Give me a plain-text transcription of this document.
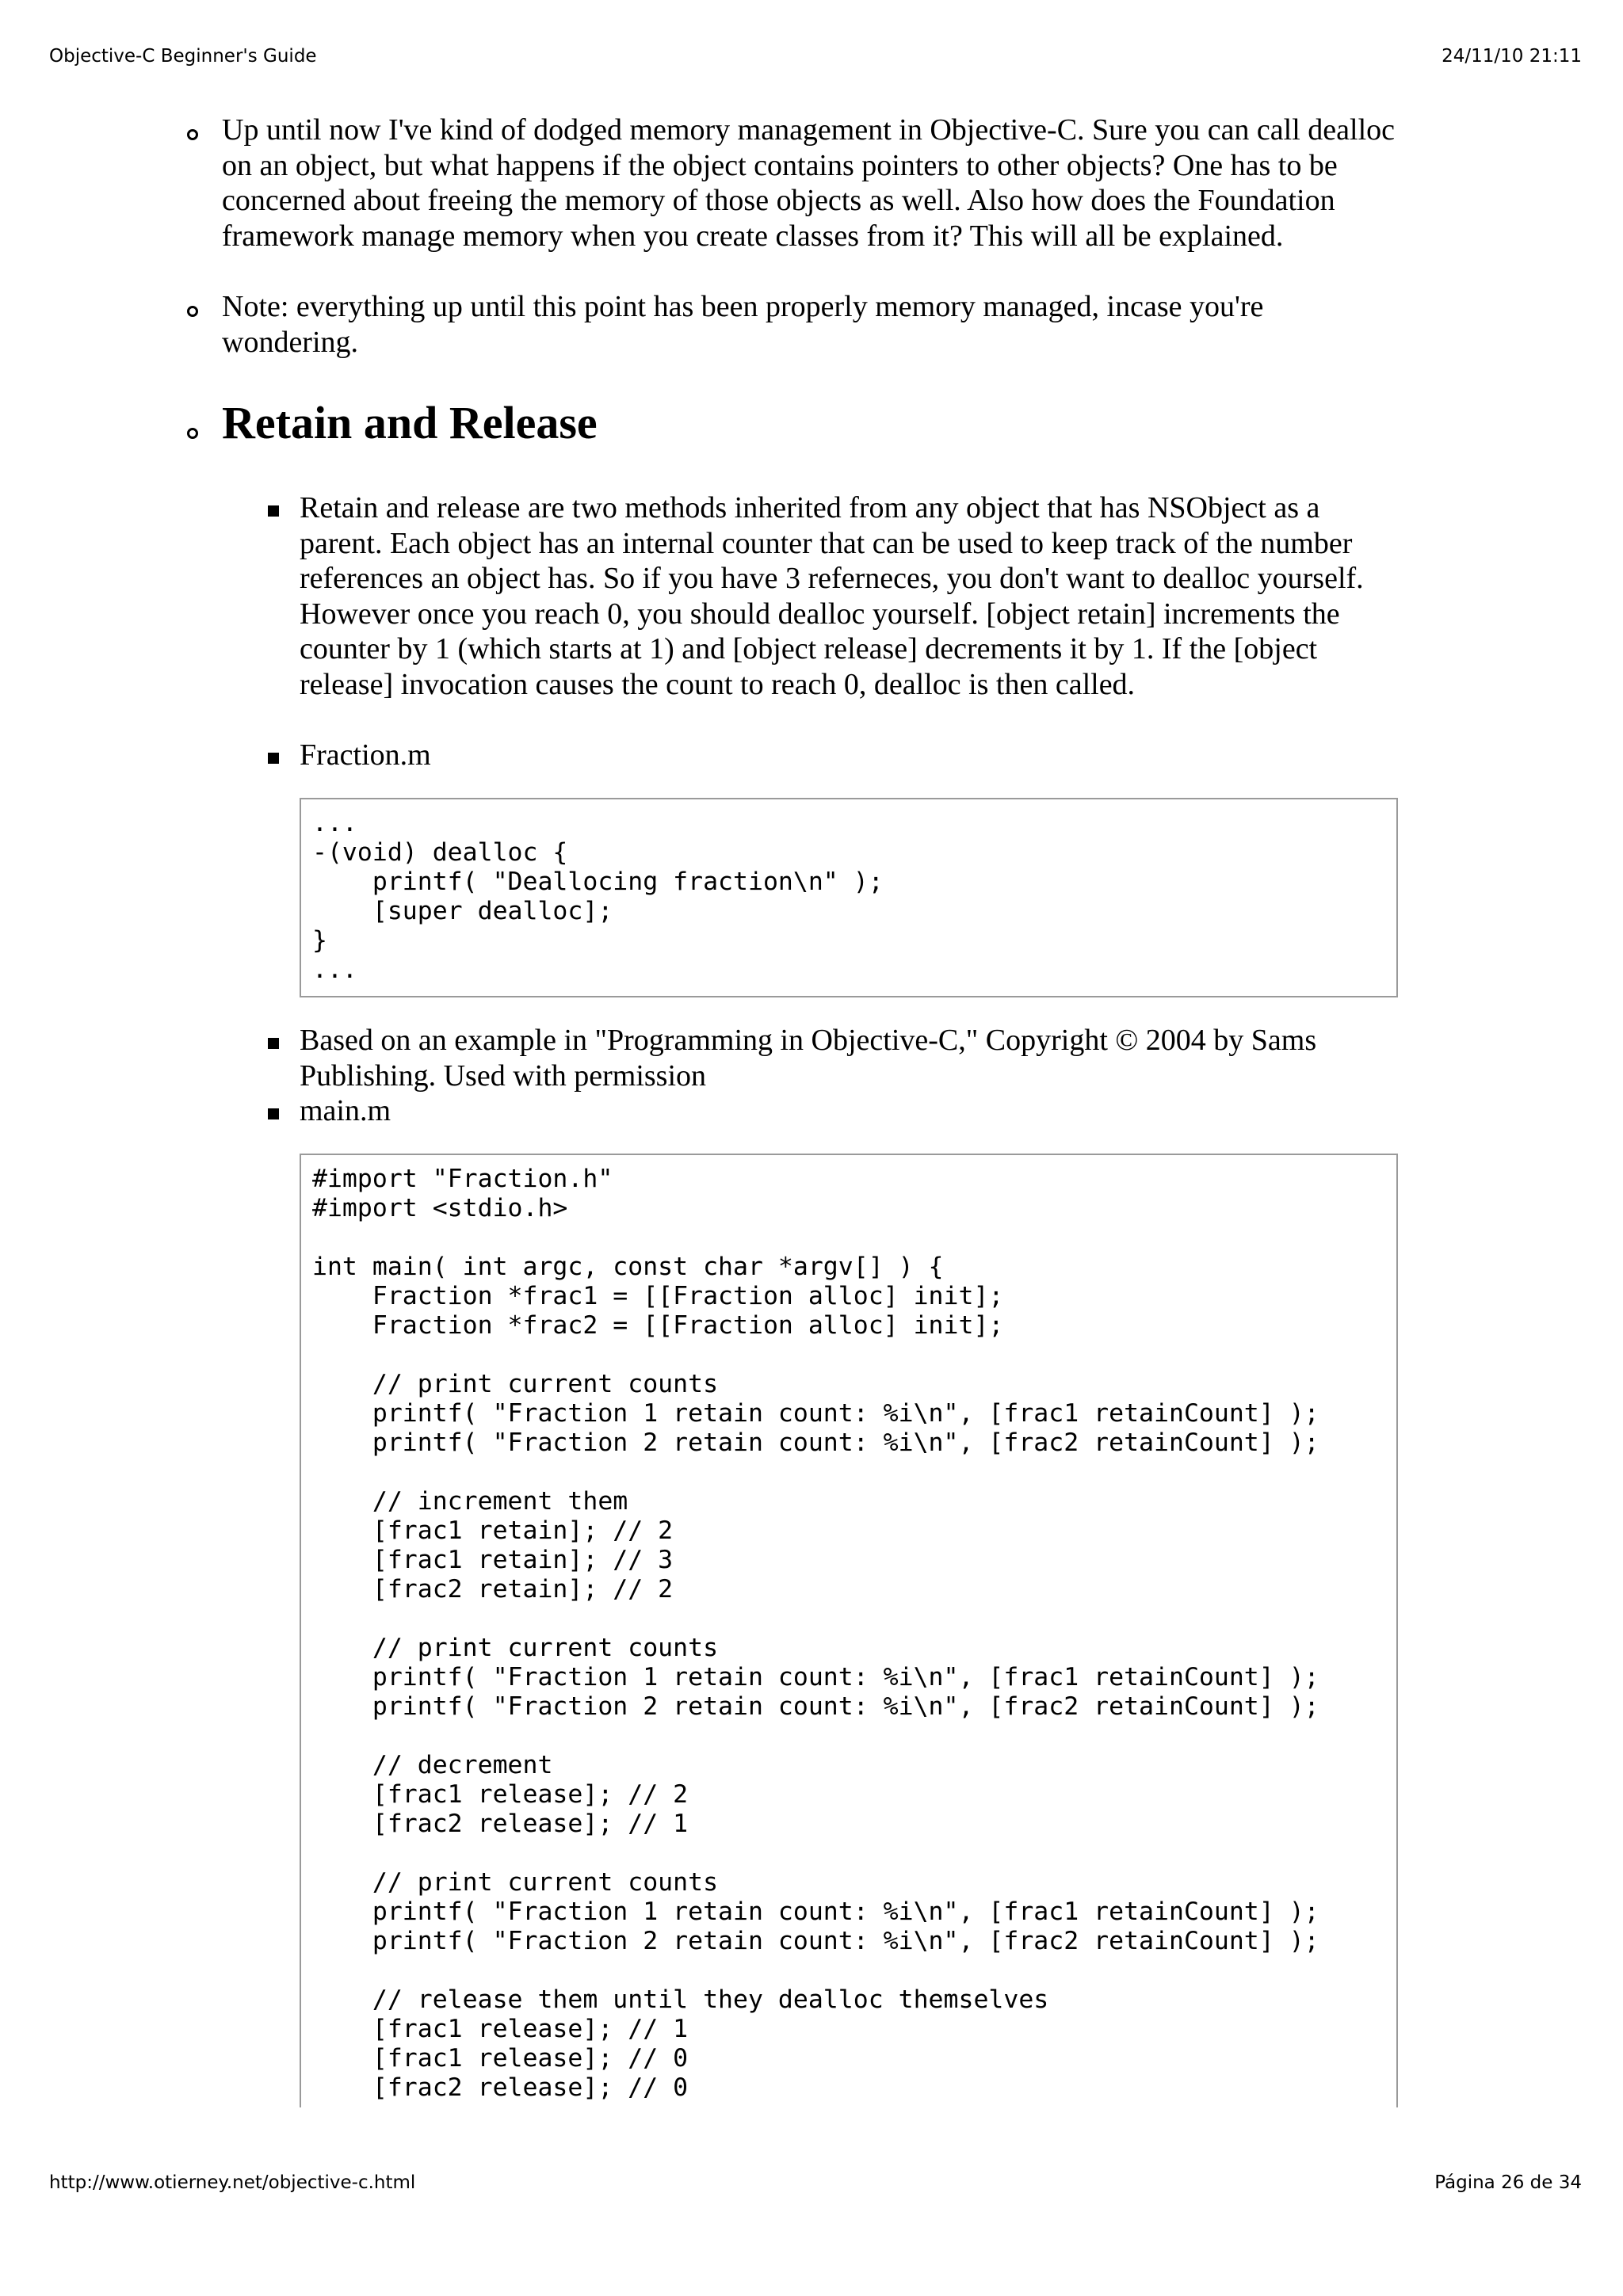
Objective-C Beginner's Guide	24/11/10 21:11
Up until now I've kind of dodged memory management in Objective-C. Sure you can call dealloc on an object, but what happens if the object contains pointers to other objects? One has to be concerned about freeing the memory of those objects as well. Also how does the Foundation framework manage memory when you create classes from it? This will all be explained.
Note: everything up until this point has been properly memory managed, incase you're wondering.
Retain and Release
Retain and release are two methods inherited from any object that has NSObject as a parent. Each object has an internal counter that can be used to keep track of the number references an object has. So if you have 3 referneces, you don't want to dealloc yourself. However once you reach 0, you should dealloc yourself. [object retain] increments the counter by 1 (which starts at 1) and [object release] decrements it by 1. If the [object release] invocation causes the count to reach 0, dealloc is then called.
Fraction.m
...
-(void) dealloc {
printf( "Deallocing fraction\n" );
[super dealloc];
}
...
Based on an example in "Programming in Objective-C," Copyright © 2004 by Sams Publishing. Used with permission
main.m
#import "Fraction.h"
#import <stdio.h>

int main( int argc, const char *argv[] ) {
Fraction *frac1 = [[Fraction alloc] init];
Fraction *frac2 = [[Fraction alloc] init];

// print current counts
printf( "Fraction 1 retain count: %i\n", [frac1 retainCount] );
printf( "Fraction 2 retain count: %i\n", [frac2 retainCount] );

// increment them
[frac1 retain]; // 2
[frac1 retain]; // 3
[frac2 retain]; // 2

// print current counts
printf( "Fraction 1 retain count: %i\n", [frac1 retainCount] );
printf( "Fraction 2 retain count: %i\n", [frac2 retainCount] );

// decrement
[frac1 release]; // 2
[frac2 release]; // 1

// print current counts
printf( "Fraction 1 retain count: %i\n", [frac1 retainCount] );
printf( "Fraction 2 retain count: %i\n", [frac2 retainCount] );

// release them until they dealloc themselves
[frac1 release]; // 1
[frac1 release]; // 0
[frac2 release]; // 0
http://www.otierney.net/objective-c.html	Página 26 de 34
